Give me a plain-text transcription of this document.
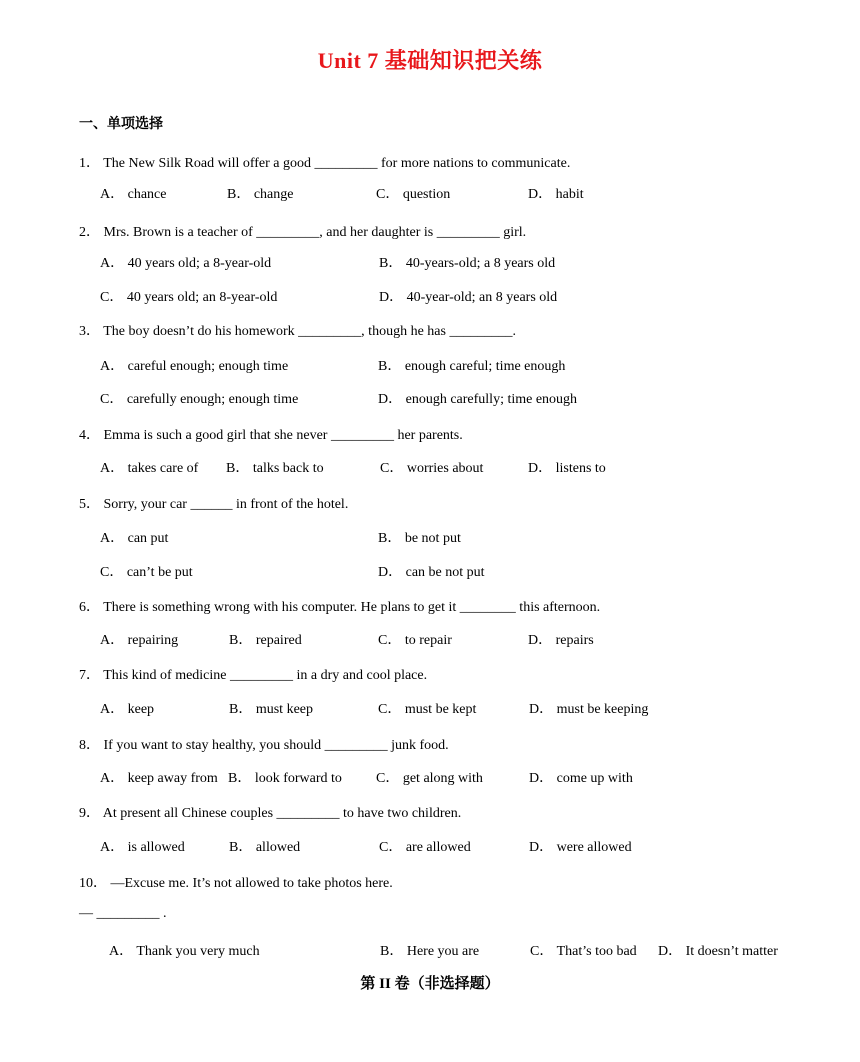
Unit 7 基础知识把关练
一、单项选择
1． The New Silk Road will offer a good _________ for more nations to communicate.
A． chance	B． change	C． question	D． habit
2． Mrs. Brown is a teacher of _________, and her daughter is _________ girl.
A． 40 years old; a 8-year-old	B． 40-years-old; a 8 years old
C． 40 years old; an 8-year-old	D． 40-year-old; an 8 years old
3． The boy doesn’t do his homework _________, though he has _________.
A． careful enough; enough time	B． enough careful; time enough
C． carefully enough; enough time	D． enough carefully; time enough
4． Emma is such a good girl that she never _________ her parents.
A． takes care of B． talks back to	C． worries about	D． listens to
5． Sorry, your car ______ in front of the hotel.
A． can put	B． be not put
C． can’t be put	D． can be not put
6． There is something wrong with his computer. He plans to get it ________ this afternoon.
A． repairing	B． repaired	C． to repair	D． repairs
7． This kind of medicine _________ in a dry and cool place.
A． keep	B． must keep	C． must be kept	D． must be keeping
8． If you want to stay healthy, you should _________ junk food.
A． keep away from B． look forward to C． get along with	D． come up with
9． At present all Chinese couples _________ to have two children.
A． is allowed	B． allowed	C． are allowed	D． were allowed
10． —Excuse me. It’s not allowed to take photos here.
— _________ .
A． Thank you very much	B． Here you are	C． That’s too bad D． It doesn’t matter
第 II 卷（非选择题）
